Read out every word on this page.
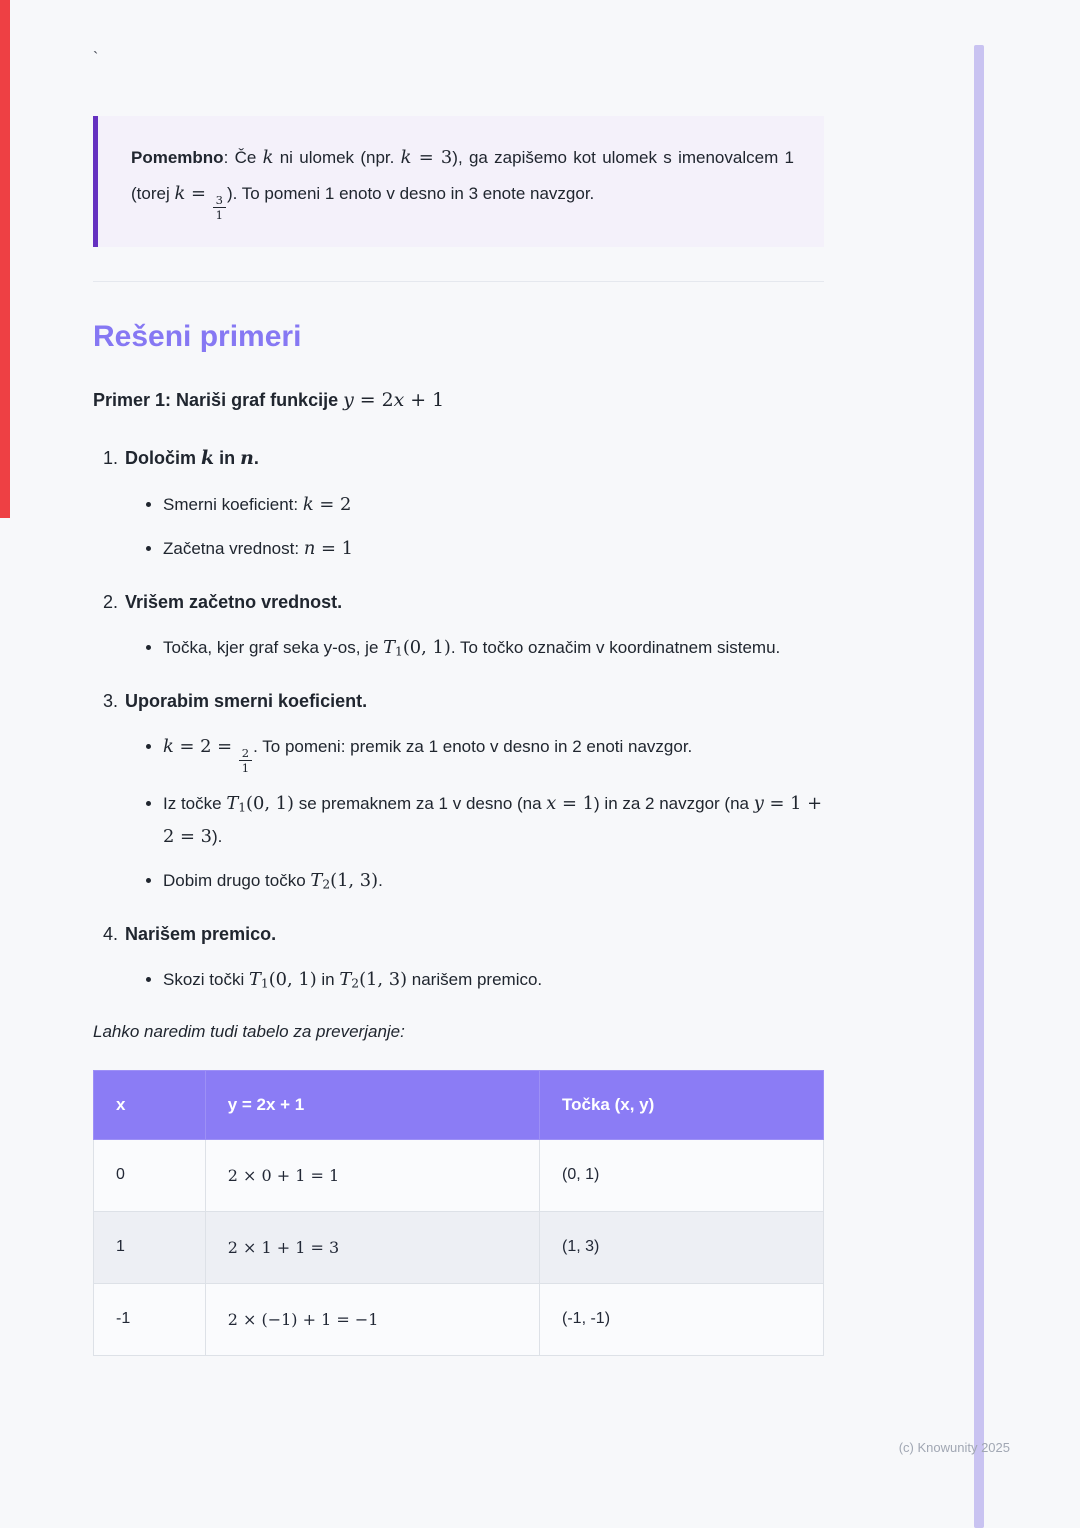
`

Pomembno: Če k ni ulomek (npr. k = 3), ga zapišemo kot ulomek s imenovalcem 1 (torej $k = \frac{3}{1}$ ). To pomeni 1 enoto v desno in 3 enote navzgor.

Rešeni primeri

Primer 1: Nariši graf funkcije y = 2x + 1

1. Določim k in n.
• Smerni koeficient: k = 2
• Začetna vrednost: n = 1
2. Vrišem začetno vrednost.
• Točka, kjer graf seka y-os, je T1(0, 1). To točko označim v koordinatnem sistemu.
3. Uporabim smerni koeficient.
• $k = 2 = \frac{2}{1}$ . To pomeni: premik za 1 enoto v desno in 2 enoti navzgor.
• Iz točke T1(0, 1) se premaknem za 1 v desno (na x = 1) in za 2 navzgor (na y = 1 + 2 = 3).
• Dobim drugo točko T2(1, 3).
4. Narišem premico.
• Skozi točki T1(0, 1) in T2(1, 3) narišem premico.

Lahko naredim tudi tabelo za preverjanje:

x	y = 2x + 1	Točka (x, y)
0	2 × 0 + 1 = 1	(0, 1)
1	2 × 1 + 1 = 3	(1, 3)
-1	2 × (−1) + 1 = −1	(-1, -1)
(c) Knowunity 2025
